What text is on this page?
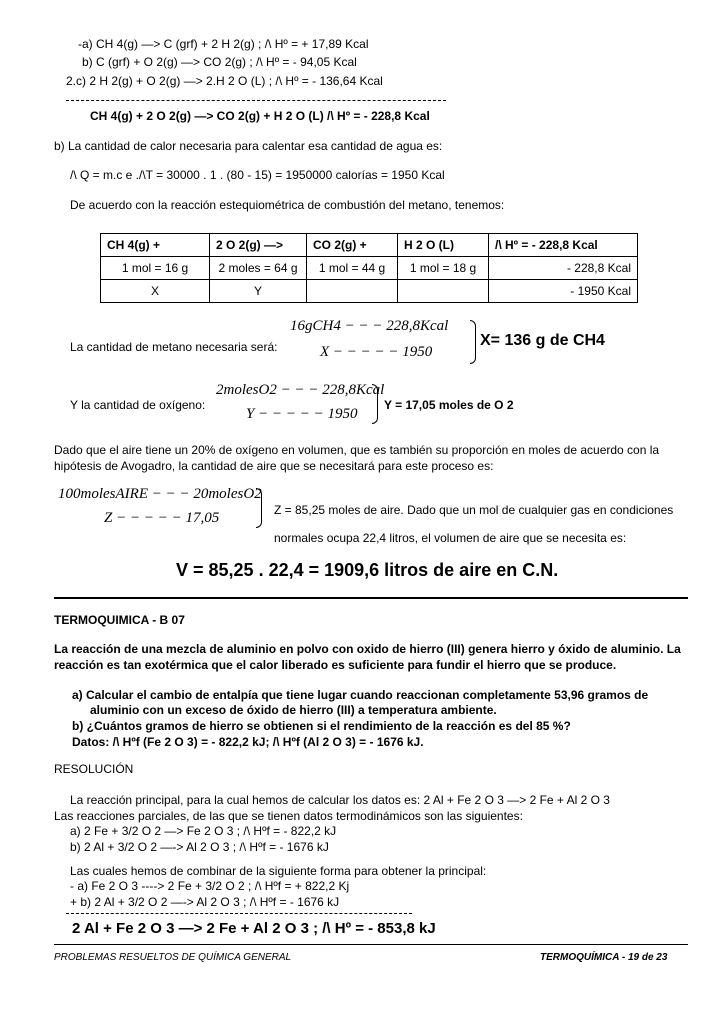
-a) CH 4(g) —> C (grf) + 2 H 2(g) ; /\ Hº = + 17,89 Kcal
b) C (grf) + O 2(g) —> CO 2(g) ; /\ Hº = - 94,05 Kcal
2.c) 2 H 2(g) + O 2(g) —> 2.H 2 O (L) ; /\ Hº = - 136,64 Kcal
CH 4(g) + 2 O 2(g) —> CO 2(g) + H 2 O (L) /\ Hº = - 228,8 Kcal
b) La cantidad de calor necesaria para calentar esa cantidad de agua es:
/\ Q = m.c e ./\T = 30000 . 1 . (80 - 15) = 1950000 calorías = 1950 Kcal
De acuerdo con la reacción estequiométrica de combustión del metano, tenemos:
CH 4(g) +	2 O 2(g) —>	CO 2(g) +	H 2 O (L)	/\ Hº = - 228,8 Kcal
1 mol = 16 g	2 moles = 64 g	1 mol = 44 g	1 mol = 18 g	- 228,8 Kcal
X	Y			- 1950 Kcal
La cantidad de metano necesaria será:
16gCH4 − − − 228,8Kcal
X − − − − − 1950
X= 136 g de CH4
Y la cantidad de oxígeno:
2molesO2 − − − 228,8Kcal
Y − − − − − 1950
Y = 17,05 moles de O 2
Dado que el aire tiene un 20% de oxígeno en volumen, que es también su proporción en moles de acuerdo con la hipótesis de Avogadro, la cantidad de aire que se necesitará para este proceso es:
100molesAIRE − − − 20molesO2
Z − − − − − 17,05	Z = 85,25 moles de aire. Dado que un mol de cualquier gas en condiciones
normales ocupa 22,4 litros, el volumen de aire que se necesita es:
V = 85,25 . 22,4 = 1909,6 litros de aire en C.N.
TERMOQUIMICA - B 07
La reacción de una mezcla de aluminio en polvo con oxido de hierro (III) genera hierro y óxido de aluminio. La reacción es tan exotérmica que el calor liberado es suficiente para fundir el hierro que se produce.
a) Calcular el cambio de entalpía que tiene lugar cuando reaccionan completamente 53,96 gramos de
aluminio con un exceso de óxido de hierro (III) a temperatura ambiente.
b) ¿Cuántos gramos de hierro se obtienen si el rendimiento de la reacción es del 85 %?
Datos: /\ Hºf (Fe 2 O 3) = - 822,2 kJ; /\ Hºf (Al 2 O 3) = - 1676 kJ.
RESOLUCIÓN
La reacción principal, para la cual hemos de calcular los datos es: 2 Al + Fe 2 O 3 —> 2 Fe + Al 2 O 3
Las reacciones parciales, de las que se tienen datos termodinámicos son las siguientes:
a) 2 Fe + 3/2 O 2 —> Fe 2 O 3 ; /\ Hºf = - 822,2 kJ
b) 2 Al + 3/2 O 2 —-> Al 2 O 3 ; /\ Hºf = - 1676 kJ
Las cuales hemos de combinar de la siguiente forma para obtener la principal:
- a) Fe 2 O 3 ----> 2 Fe + 3/2 O 2 ; /\ Hºf = + 822,2 Kj
+ b) 2 Al + 3/2 O 2 —-> Al 2 O 3 ; /\ Hºf = - 1676 kJ
2 Al + Fe 2 O 3 —> 2 Fe + Al 2 O 3 ; /\ Hº = - 853,8 kJ
PROBLEMAS RESUELTOS DE QUÍMICA GENERAL	TERMOQUÍMICA - 19 de 23
